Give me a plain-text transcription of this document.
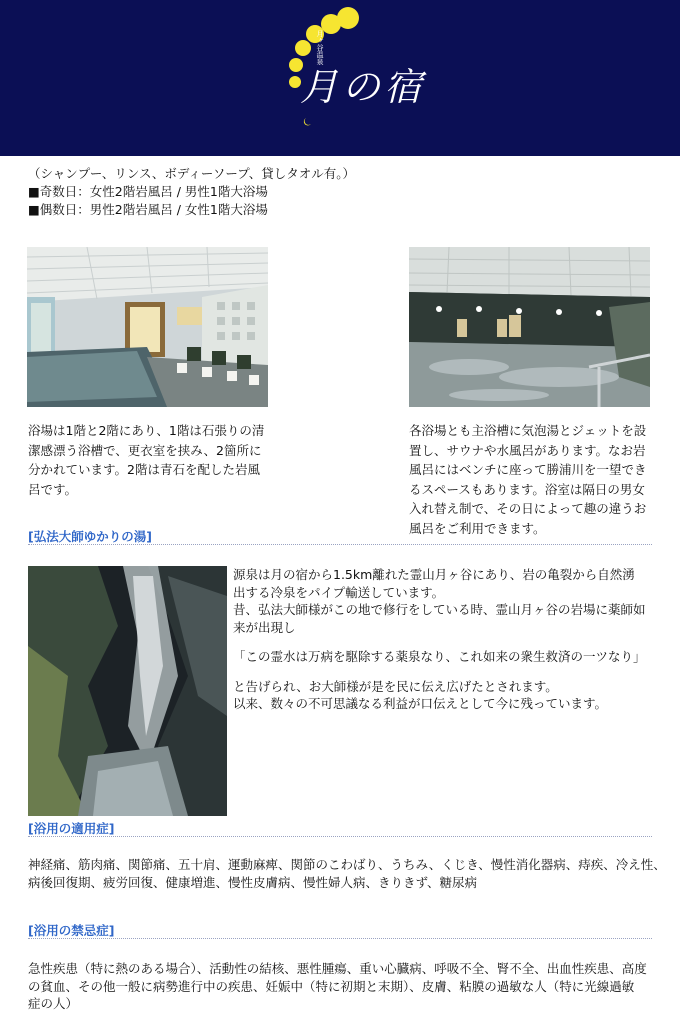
月ヶ谷温泉
月の宿
（シャンプー、リンス、ボディーソープ、貸しタオル有。）
■奇数日：女性2階岩風呂 / 男性1階大浴場
■偶数日：男性2階岩風呂 / 女性1階大浴場
浴場は1階と2階にあり、1階は石張りの清
潔感漂う浴槽で、更衣室を挟み、2箇所に
分かれています。2階は青石を配した岩風
呂です。
各浴場とも主浴槽に気泡湯とジェットを設
置し、サウナや水風呂があります。なお岩
風呂にはベンチに座って勝浦川を一望でき
るスペースもあります。浴室は隔日の男女
入れ替え制で、その日によって趣の違うお
風呂をご利用できます。
[弘法大師ゆかりの湯]

源泉は月の宿から1.5km離れた霊山月ヶ谷にあり、岩の亀裂から自然湧

出する冷泉をパイプ輸送しています。

昔、弘法大師様がこの地で修行をしている時、霊山月ヶ谷の岩場に薬師如

来が出現し

「この霊水は万病を駆除する薬泉なり、これ如来の衆生救済の一ツなり」

と告げられ、お大師様が是を民に伝え広げたとされます。

以来、数々の不可思議なる利益が口伝えとして今に残っています。

[浴用の適用症]

神経痛、筋肉痛、関節痛、五十肩、運動麻痺、関節のこわばり、うちみ、くじき、慢性消化器病、痔疾、冷え性、

病後回復期、疲労回復、健康増進、慢性皮膚病、慢性婦人病、きりきず、糖尿病

[浴用の禁忌症]

急性疾患（特に熱のある場合）、活動性の結核、悪性腫瘍、重い心臓病、呼吸不全、腎不全、出血性疾患、高度

の貧血、その他一般に病勢進行中の疾患、妊娠中（特に初期と末期）、皮膚、粘膜の過敏な人（特に光線過敏

症の人）
